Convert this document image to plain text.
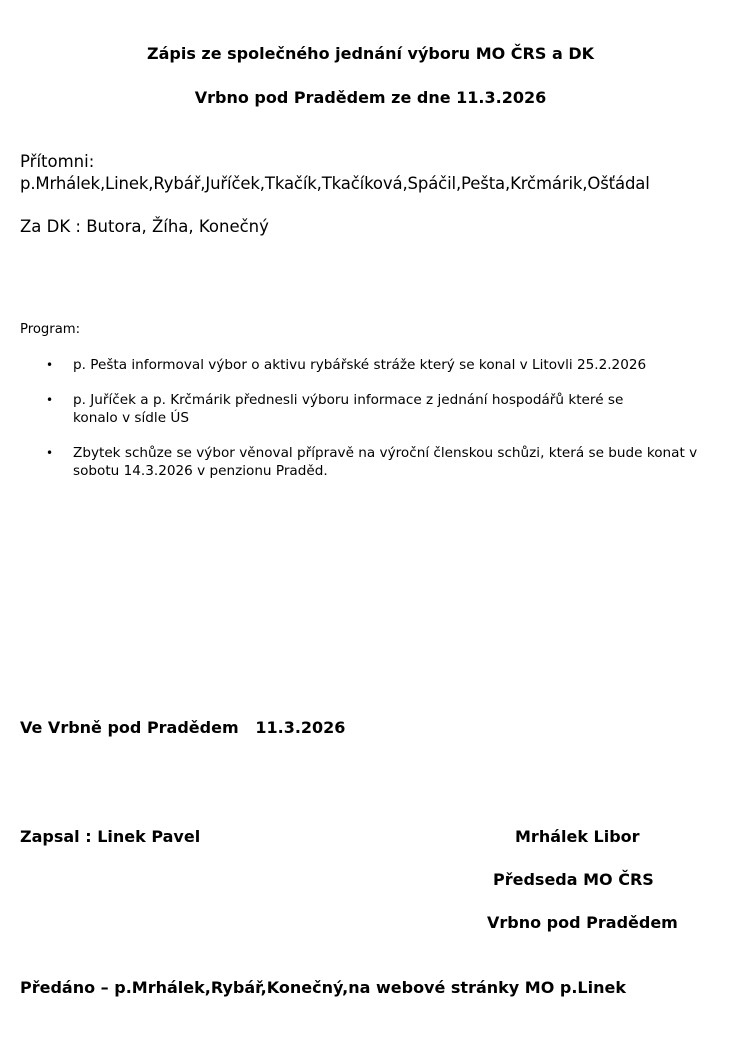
Zápis ze společného jednání výboru MO ČRS a DK
Vrbno pod Pradědem ze dne 11.3.2026
Přítomni:
p.Mrhálek,Linek,Rybář,Juříček,Tkačík,Tkačíková,Spáčil,Pešta,Krčmárik,Ošťádal
Za DK : Butora, Žíha, Konečný
Program:
• p. Pešta informoval výbor o aktivu rybářské stráže který se konal v Litovli 25.2.2026
• p. Juříček a p. Krčmárik přednesli výboru informace z jednání hospodářů které se konalo v sídle ÚS
• Zbytek schůze se výbor věnoval přípravě na výroční členskou schůzi, která se bude konat v sobotu 14.3.2026 v penzionu Praděd.
Ve Vrbně pod Pradědem   11.3.2026
Zapsal : Linek Pavel	Mrhálek Libor
Předseda MO ČRS
Vrbno pod Pradědem
Předáno – p.Mrhálek,Rybář,Konečný,na webové stránky MO p.Linek
